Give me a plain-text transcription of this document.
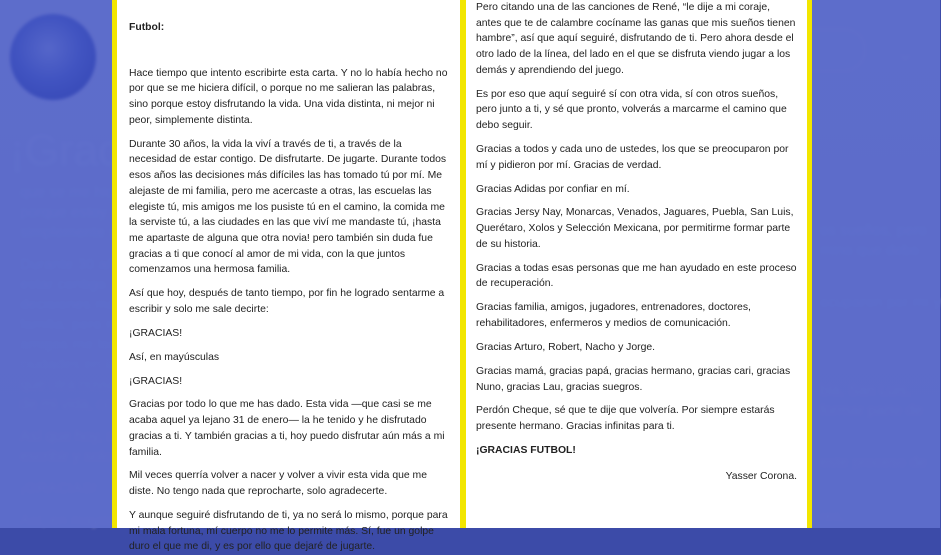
Futbol:

Hace tiempo que intento escribirte esta carta. Y no lo había hecho no por que se me hiciera difícil, o porque no me salieran las palabras, sino porque estoy disfrutando la vida. Una vida distinta, ni mejor ni peor, simplemente distinta.

Durante 30 años, la vida la viví a través de ti, a través de la necesidad de estar contigo. De disfrutarte. De jugarte. Durante todos esos años las decisiones más difíciles las has tomado tú por mí. Me alejaste de mi familia, pero me acercaste a otras, las escuelas las elegiste tú, mis amigos me los pusiste tú en el camino, la comida me la serviste tú, a las ciudades en las que viví me mandaste tú, ¡hasta me apartaste de alguna que otra novia! pero también sin duda fue gracias a ti que conocí al amor de mi vida, con la que juntos comenzamos una hermosa familia.

Así que hoy, después de tanto tiempo, por fin he logrado sentarme a escribir y solo me sale decirte:

¡GRACIAS!

Así, en mayúsculas

¡GRACIAS!

Gracias por todo lo que me has dado. Esta vida —que casi se me acaba aquel ya lejano 31 de enero— la he tenido y he disfrutado gracias a ti. Y también gracias a ti, hoy puedo disfrutar aún más a mi familia.

Mil veces querría volver a nacer y volver a vivir esta vida que me diste. No tengo nada que reprocharte, solo agradecerte.

Y aunque seguiré disfrutando de ti, ya no será lo mismo, porque para mi mala fortuna, mí cuerpo no me lo permite más. Sí, fue un golpe duro el que me di, y es por ello que dejaré de jugarte.

Pero citando una de las canciones de René, “le dije a mi coraje, antes que te de calambre cocíname las ganas que mis sueños tienen hambre”, así que aquí seguiré, disfrutando de ti. Pero ahora desde el otro lado de la línea, del lado en el que se disfruta viendo jugar a los demás y aprendiendo del juego.

Es por eso que aquí seguiré sí con otra vida, sí con otros sueños, pero junto a ti, y sé que pronto, volverás a marcarme el camino que debo seguir.

Gracias a todos y cada uno de ustedes, los que se preocuparon por mí y pidieron por mí. Gracias de verdad.

Gracias Adidas por confiar en mí.

Gracias Jersy Nay, Monarcas, Venados, Jaguares, Puebla, San Luis, Querétaro, Xolos y Selección Mexicana, por permitirme formar parte de su historia.

Gracias a todas esas personas que me han ayudado en este proceso de recuperación.

Gracias familia, amigos, jugadores, entrenadores, doctores, rehabilitadores, enfermeros y medios de comunicación.

Gracias Arturo, Robert, Nacho y Jorge.

Gracias mamá, gracias papá, gracias hermano, gracias cari, gracias Nuno, gracias Lau, gracias suegros.

Perdón Cheque, sé que te dije que volvería. Por siempre estarás presente hermano. Gracias infinitas para ti.

¡GRACIAS FUTBOL!

Yasser Corona.
